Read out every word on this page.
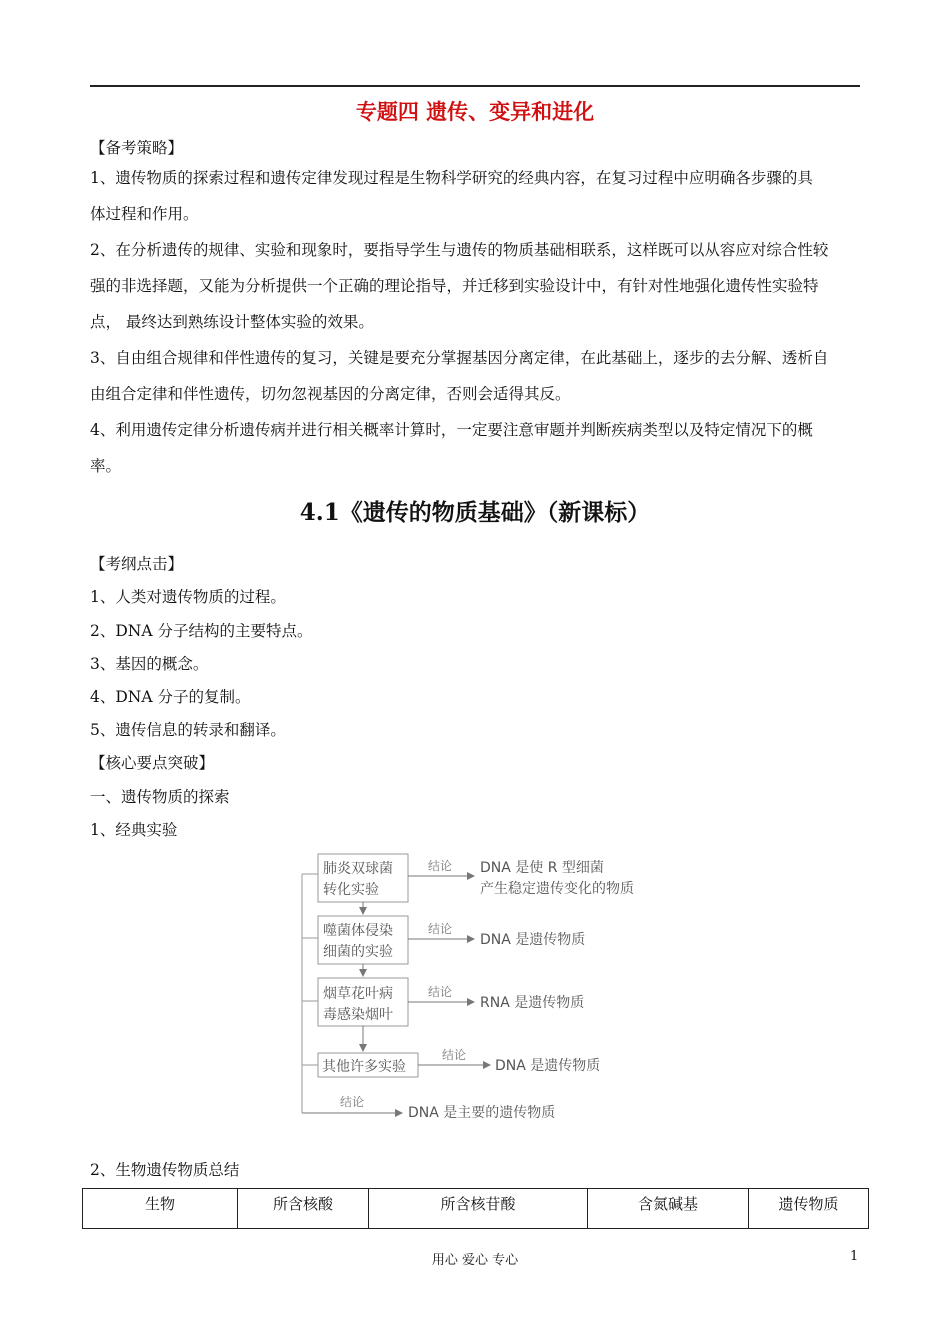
专题四 遗传、变异和进化
【备考策略】
1、遗传物质的探索过程和遗传定律发现过程是生物科学研究的经典内容，在复习过程中应明确各步骤的具
体过程和作用。
2、在分析遗传的规律、实验和现象时，要指导学生与遗传的物质基础相联系，这样既可以从容应对综合性较
强的非选择题，又能为分析提供一个正确的理论指导，并迁移到实验设计中，有针对性地强化遗传性实验特
点， 最终达到熟练设计整体实验的效果。
3、自由组合规律和伴性遗传的复习，关键是要充分掌握基因分离定律，在此基础上，逐步的去分解、透析自
由组合定律和伴性遗传，切勿忽视基因的分离定律，否则会适得其反。
4、利用遗传定律分析遗传病并进行相关概率计算时，一定要注意审题并判断疾病类型以及特定情况下的概
率。
4.1《遗传的物质基础》（新课标）
【考纲点击】
1、人类对遗传物质的过程。
2、DNA 分子结构的主要特点。
3、基因的概念。
4、DNA 分子的复制。
5、遗传信息的转录和翻译。
【核心要点突破】
一、遗传物质的探索
1、经典实验
肺炎双球菌
转化实验
噬菌体侵染
细菌的实验
烟草花叶病
毒感染烟叶
其他许多实验
结论 DNA 是使 R 型细菌
产生稳定遗传变化的物质
结论
DNA 是遗传物质
结论
RNA 是遗传物质
结论
DNA 是遗传物质
结论
DNA 是主要的遗传物质
2、生物遗传物质总结
生物	所含核酸	所含核苷酸	含氮碱基	遗传物质
用心 爱心 专心	1
